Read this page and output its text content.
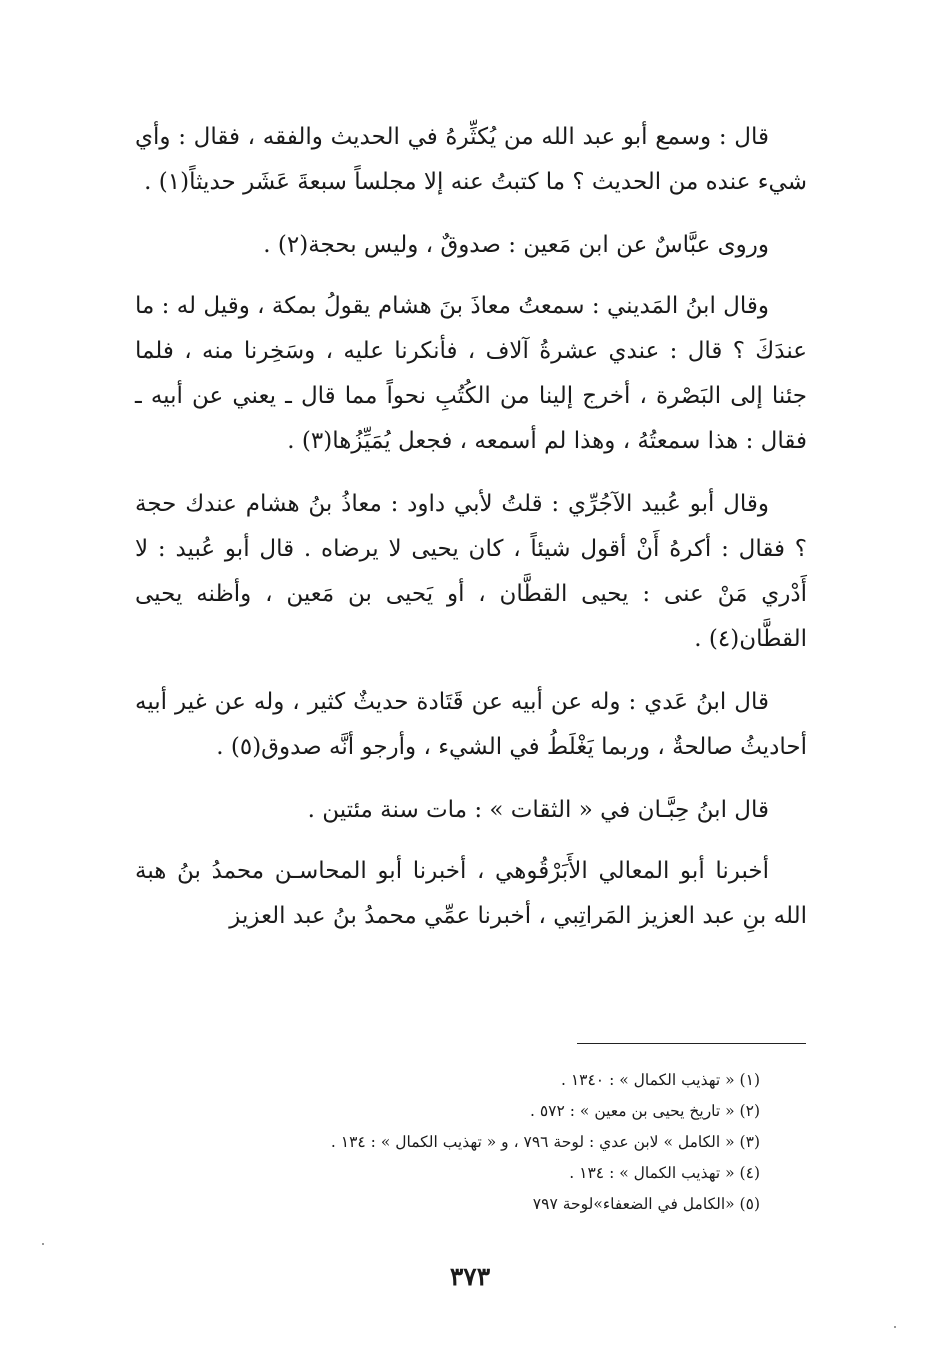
قال : وسمع أبو عبد الله من يُكثِّرهُ في الحديث والفقه ، فقال : وأي شيء عنده من الحديث ؟ ما كتبتُ عنه إلا مجلساً سبعةَ عَشَر حديثاً(١) .

وروى عبَّاسٌ عن ابن مَعين : صدوقٌ ، وليس بحجة(٢) .

وقال ابنُ المَديني : سمعتُ معاذَ بنَ هشام يقولُ بمكة ، وقيل له : ما عندَكَ ؟ قال : عندي عشرةُ آلاف ، فأنكرنا عليه ، وسَخِرنا منه ، فلما جئنا إلى البَصْرة ، أخرج إلينا من الكُتُبِ نحواً مما قال ـ يعني عن أبيه ـ فقال : هذا سمعتُهُ ، وهذا لم أسمعه ، فجعل يُمَيِّزُها(٣) .

وقال أبو عُبيد الآجُرِّي : قلتُ لأبي داود : معاذُ بنُ هشام عندك حجة ؟ فقال : أكرهُ أَنْ أقول شيئاً ، كان يحيى لا يرضاه . قال أبو عُبيد : لا أَدْري مَنْ عنى : يحيى القطَّان ، أو يَحيى بن مَعين ، وأظنه يحيى القطَّان(٤) .

قال ابنُ عَدي : وله عن أبيه عن قَتَادة حديثٌ كثير ، وله عن غير أبيه أحاديثُ صالحةٌ ، وربما يَغْلَطُ في الشيء ، وأرجو أنَّه صدوق(٥) .

قال ابنُ حِبَّـان في « الثقات » : مات سنة مئتين .

أخبرنا أبو المعالي الأَبَرْقُوهي ، أخبرنا أبو المحاسـن محمدُ بنُ هبة الله بنِ عبد العزيز المَراتِبي ، أخبرنا عمِّي محمدُ بنُ عبد العزيز

(١) « تهذيب الكمال » : ١٣٤٠ .
(٢) « تاريخ يحيى بن معين » : ٥٧٢ .
(٣) « الكامل » لابن عدي : لوحة ٧٩٦ ، و « تهذيب الكمال » : ١٣٤ .
(٤) « تهذيب الكمال » : ١٣٤ .
(٥) «الكامل في الضعفاء»لوحة ٧٩٧
٣٧٣
